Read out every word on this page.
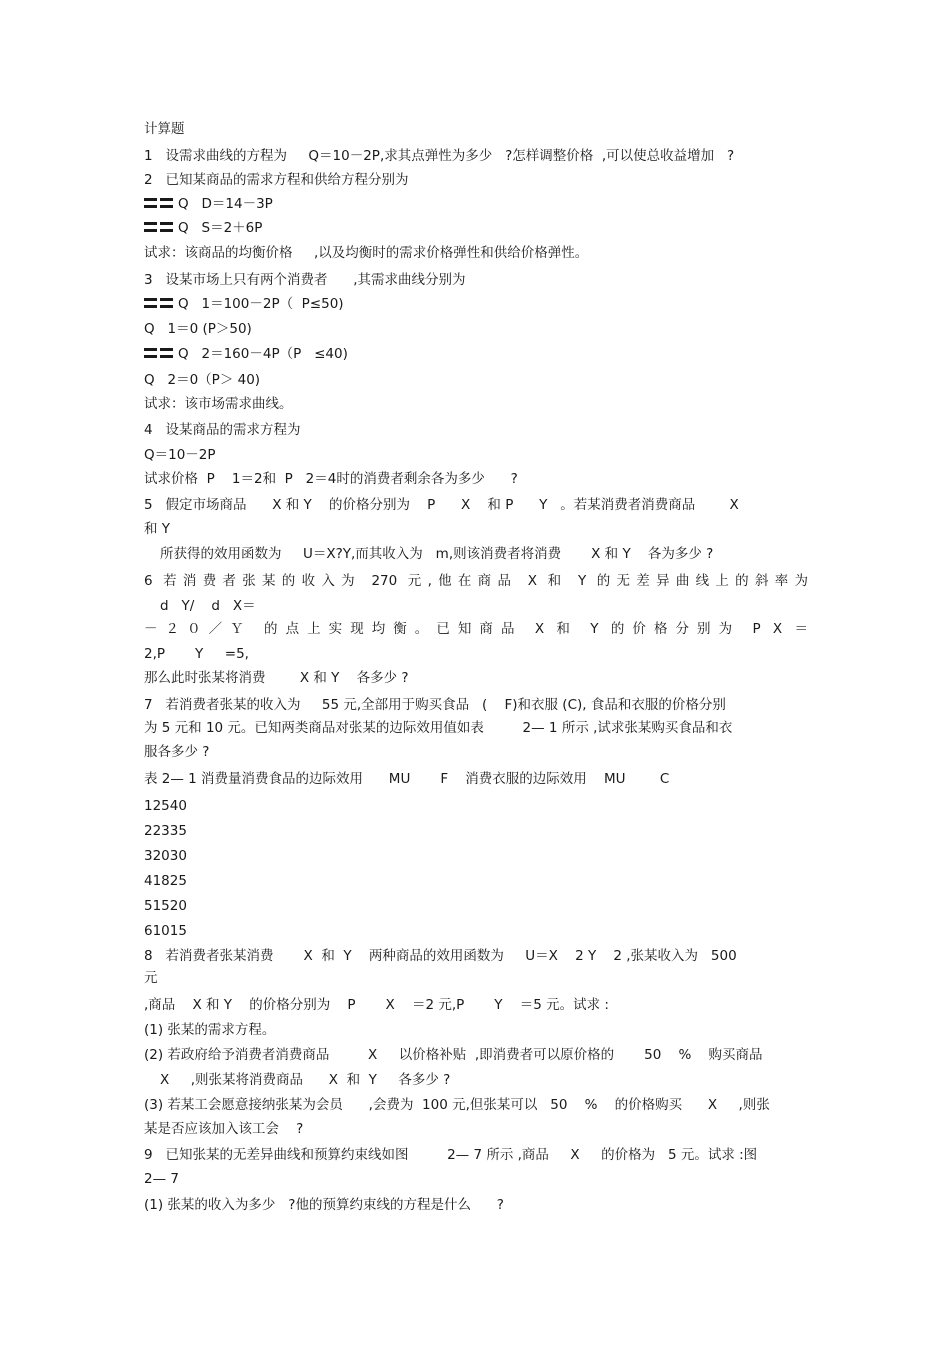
计算题
1   设需求曲线的方程为     Q＝10－2P,求其点弹性为多少   ?怎样调整价格  ,可以使总收益增加   ?
2   已知某商品的需求方程和供给方程分别为
Q   D＝14－3P
Q   S＝2＋6P
试求：该商品的均衡价格     ,以及均衡时的需求价格弹性和供给价格弹性。
3   设某市场上只有两个消费者      ,其需求曲线分别为
Q   1＝100－2P（  P≤50)
Q   1＝0 (P＞50)
Q   2＝160－4P（P   ≤40)
Q   2＝0（P＞ 40)
试求：该市场需求曲线。
4   设某商品的需求方程为
Q＝10－2P
试求价格  P    1＝2和  P   2＝4时的消费者剩余各为多少      ?
5   假定市场商品      X 和 Y    的价格分别为    P      X    和 P      Y   。若某消费者消费商品        X
和 Y
所获得的效用函数为     U＝X?Y,而其收入为   m,则该消费者将消费       X 和 Y    各为多少 ?
6 若消费者张某的收入为 270 元,他在商品 X 和 Y 的无差异曲线上的斜率为
d   Y/    d   X＝
－２０／Ｙ 的点上实现均衡。已知商品 X 和 Y 的价格分别为 P X ＝
2,P       Y     =5,
那么此时张某将消费        X 和 Y    各多少 ?
7   若消费者张某的收入为     55 元,全部用于购买食品   (    F)和衣服 (C), 食品和衣服的价格分别
为 5 元和 10 元。已知两类商品对张某的边际效用值如表         2— 1 所示 ,试求张某购买食品和衣
服各多少 ?
表 2— 1 消费量消费食品的边际效用      MU       F    消费衣服的边际效用    MU        C
12540
22335
32030
41825
51520
61015
8   若消费者张某消费       X  和  Y    两种商品的效用函数为     U＝X    2 Y    2 ,张某收入为   500
元
,商品    X 和 Y    的价格分别为    P       X    ＝2 元,P       Y    ＝5 元。试求 :
(1) 张某的需求方程。
(2) 若政府给予消费者消费商品         X     以价格补贴  ,即消费者可以原价格的       50    %    购买商品
X     ,则张某将消费商品      X  和  Y     各多少 ?
(3) 若某工会愿意接纳张某为会员      ,会费为  100 元,但张某可以   50    %    的价格购买      X     ,则张
某是否应该加入该工会    ?
9   已知张某的无差异曲线和预算约束线如图         2— 7 所示 ,商品     X     的价格为   5 元。试求 :图
2— 7
(1) 张某的收入为多少   ?他的预算约束线的方程是什么      ?
